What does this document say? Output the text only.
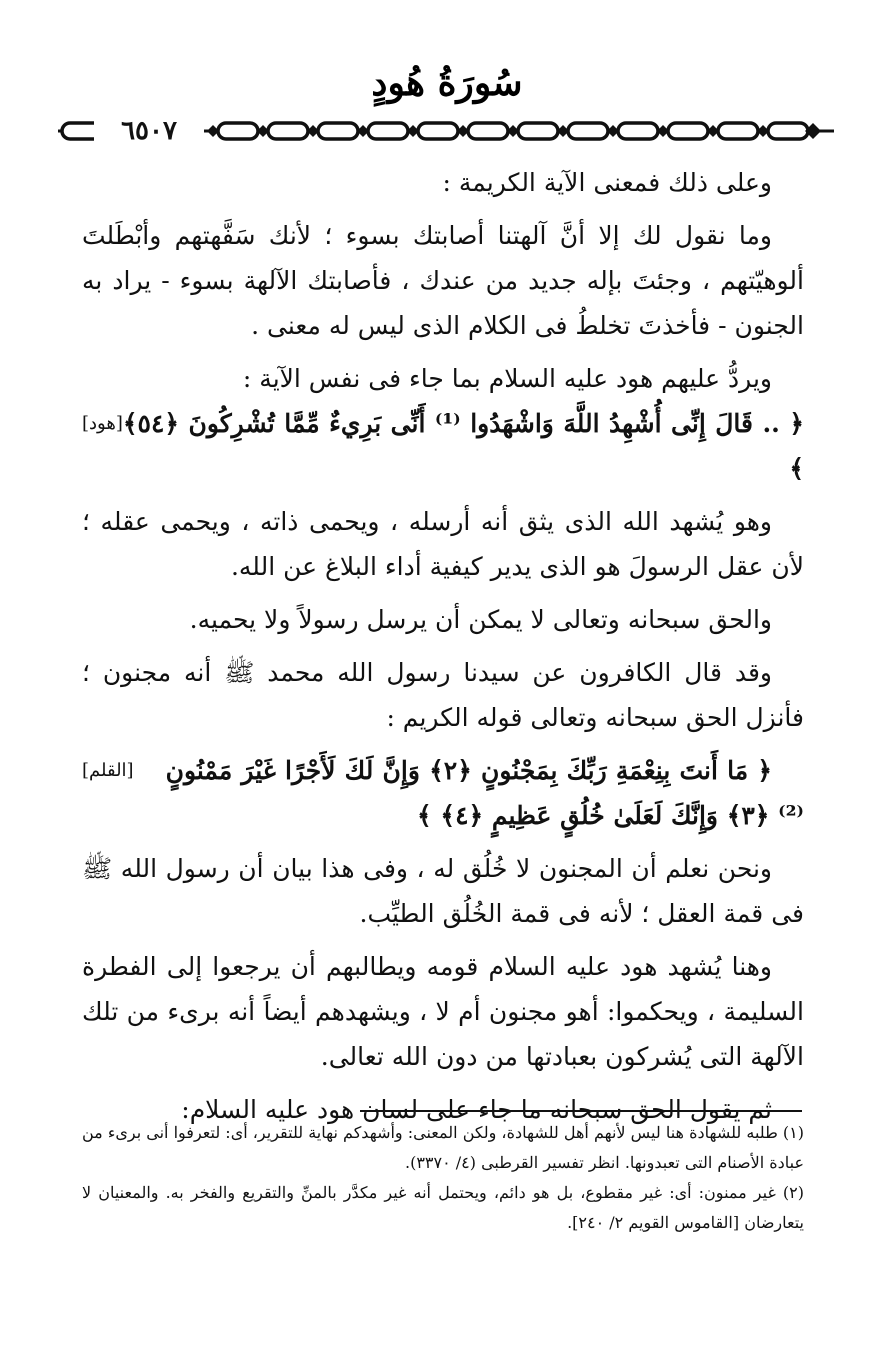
سُورَةُ هُودٍ
٦٥٠٧

وعلى ذلك فمعنى الآية الكريمة :

وما نقول لك إلا أنَّ آلهتنا أصابتك بسوء ؛ لأنك سَفَّهتهم وأبْطَلتَ ألوهيّتهم ، وجئتَ بإله جديد من عندك ، فأصابتك الآلهة بسوء - يراد به الجنون - فأخذتَ تخلطُ فى الكلام الذى ليس له معنى .

ويردُّ عليهم هود عليه السلام بما جاء فى نفس الآية :

[هود] ﴿ .. قَالَ إِنِّى أُشْهِدُ اللَّهَ وَاشْهَدُوا ⁽¹⁾ أَنِّى بَرِيءٌ مِّمَّا تُشْرِكُونَ ﴿٥٤﴾ ﴾

وهو يُشهد الله الذى يثق أنه أرسله ، ويحمى ذاته ، ويحمى عقله ؛ لأن عقل الرسولَ هو الذى يدير كيفية أداء البلاغ عن الله.

والحق سبحانه وتعالى لا يمكن أن يرسل رسولاً ولا يحميه.

وقد قال الكافرون عن سيدنا رسول الله محمد ﷺ أنه مجنون ؛ فأنزل الحق سبحانه وتعالى قوله الكريم :

[القلم]	﴿ مَا أَنتَ بِنِعْمَةِ رَبِّكَ بِمَجْنُونٍ ﴿٢﴾ وَإِنَّ لَكَ لَأَجْرًا غَيْرَ مَمْنُونٍ ⁽²⁾ ﴿٣﴾ وَإِنَّكَ لَعَلَىٰ خُلُقٍ عَظِيمٍ ﴿٤﴾ ﴾

ونحن نعلم أن المجنون لا خُلُق له ، وفى هذا بيان أن رسول الله ﷺ فى قمة العقل ؛ لأنه فى قمة الخُلُق الطيِّب.

وهنا يُشهد هود عليه السلام قومه ويطالبهم أن يرجعوا إلى الفطرة السليمة ، ويحكموا: أهو مجنون أم لا ، ويشهدهم أيضاً أنه برىء من تلك الآلهة التى يُشركون بعبادتها من دون الله تعالى.

ثم يقول الحق سبحانه ما جاء على لسان هود عليه السلام:

(١) طلبه للشهادة هنا ليس لأنهم أهل للشهادة، ولكن المعنى: وأشهدكم نهاية للتقرير، أى: لتعرفوا أنى برىء من عبادة الأصنام التى تعبدونها. انظر تفسير القرطبى (٤/ ٣٣٧٠).

(٢) غير ممنون: أى: غير مقطوع، بل هو دائم، ويحتمل أنه غير مكدَّر بالمنِّ والتقريع والفخر به. والمعنيان لا يتعارضان [القاموس القويم ٢/ ٢٤٠].
